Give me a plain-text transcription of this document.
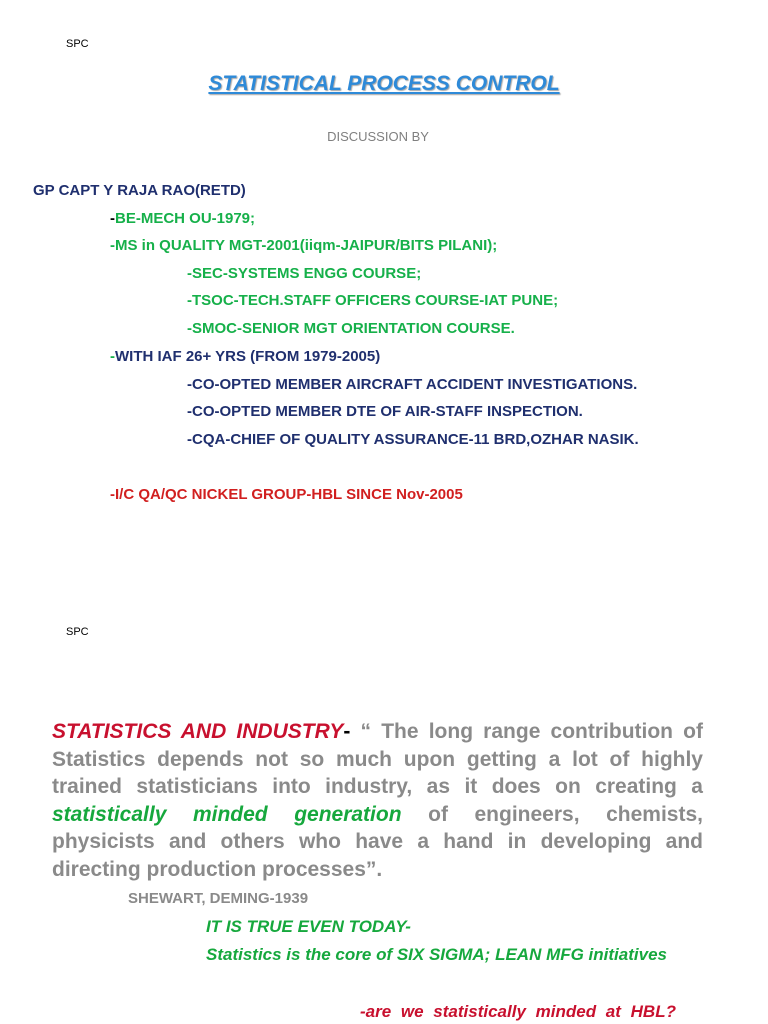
SPC
STATISTICAL PROCESS CONTROL
DISCUSSION BY
GP CAPT Y RAJA RAO(RETD)
-BE-MECH OU-1979;
-MS in QUALITY MGT-2001(iiqm-JAIPUR/BITS PILANI);
-SEC-SYSTEMS ENGG COURSE;
-TSOC-TECH.STAFF OFFICERS COURSE-IAT PUNE;
-SMOC-SENIOR MGT ORIENTATION COURSE.
-WITH IAF 26+ YRS (FROM 1979-2005)
-CO-OPTED MEMBER AIRCRAFT ACCIDENT INVESTIGATIONS.
-CO-OPTED MEMBER DTE OF AIR-STAFF INSPECTION.
-CQA-CHIEF OF QUALITY ASSURANCE-11 BRD,OZHAR NASIK.
-I/C QA/QC NICKEL GROUP-HBL SINCE Nov-2005
SPC
STATISTICS AND INDUSTRY- “ The long range contribution of Statistics depends not so much upon getting a lot of highly trained statisticians into industry, as it does on creating a statistically minded generation of engineers, chemists, physicists and others who have a hand in developing and directing production processes”.
SHEWART, DEMING-1939
IT IS TRUE EVEN TODAY-
Statistics is the core of SIX SIGMA; LEAN MFG initiatives
-are we statistically minded at HBL?
